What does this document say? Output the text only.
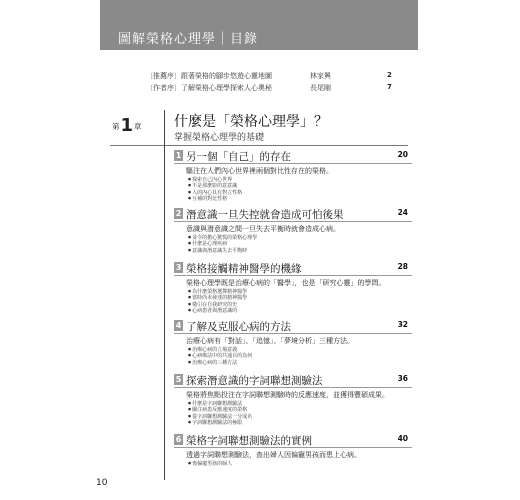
圖解榮格心理學｜目錄
〔推薦序〕跟著榮格的腳步悠遊心靈地圖	林家興	2
〔作者序〕了解榮格心理學探索人心奧秘	長尾剛	7
第1章 什麼是「榮格心理學」？
掌握榮格心理學的基礎
1 另一個「自己」的存在	20
驅注在人們內心世界裡兩個對比性存在的榮格。
● 探索自己內心世界
● 不是那麼影的意意識
● 人的內心具有對立性格
● 互補的對比性格
2 潛意識一旦失控就會造成可怕後果	24
意識與潛意識之間一旦失去平衡時就會造成心病。
● 並令的擔心驚慌的榮格心理學
● 什麼是心理疾病
● 意識與潛意識失去平衡時
3 榮格接觸精神醫學的機緣	28
榮格心理學既是治療心病的「醫學」，也是「研究心靈」的學問。
● 為什麼榮格選擇精神醫學
● 當時尚未發達的精神醫學
● 徵引在自我研究的史
● 心病患者與潛意識的
4 了解及克服心病的方法	32
治療心病有「對話」、「追憶」、「夢境分析」三種方法。
● 治療心病的立場意義
● 心病療法中的共通目的為何
● 治療心病的三種方法
5 探索潛意識的字詞聯想測驗法	36
榮格將焦點投注在字詞聯想測驗時的反應速度，並獲得豐碩成果。
● 什麼是字詞聯想測驗法
● 關注病患反應速度的榮格
● 從字詞聯想測驗法一分成名
● 字詞聯想測驗法的極限
6 榮格字詞聯想測驗法的實例	40
透過字詞聯想測驗法，查出婦人因偏寵男孩而患上心病。
● 喪偏寵男孩的婦人
10
